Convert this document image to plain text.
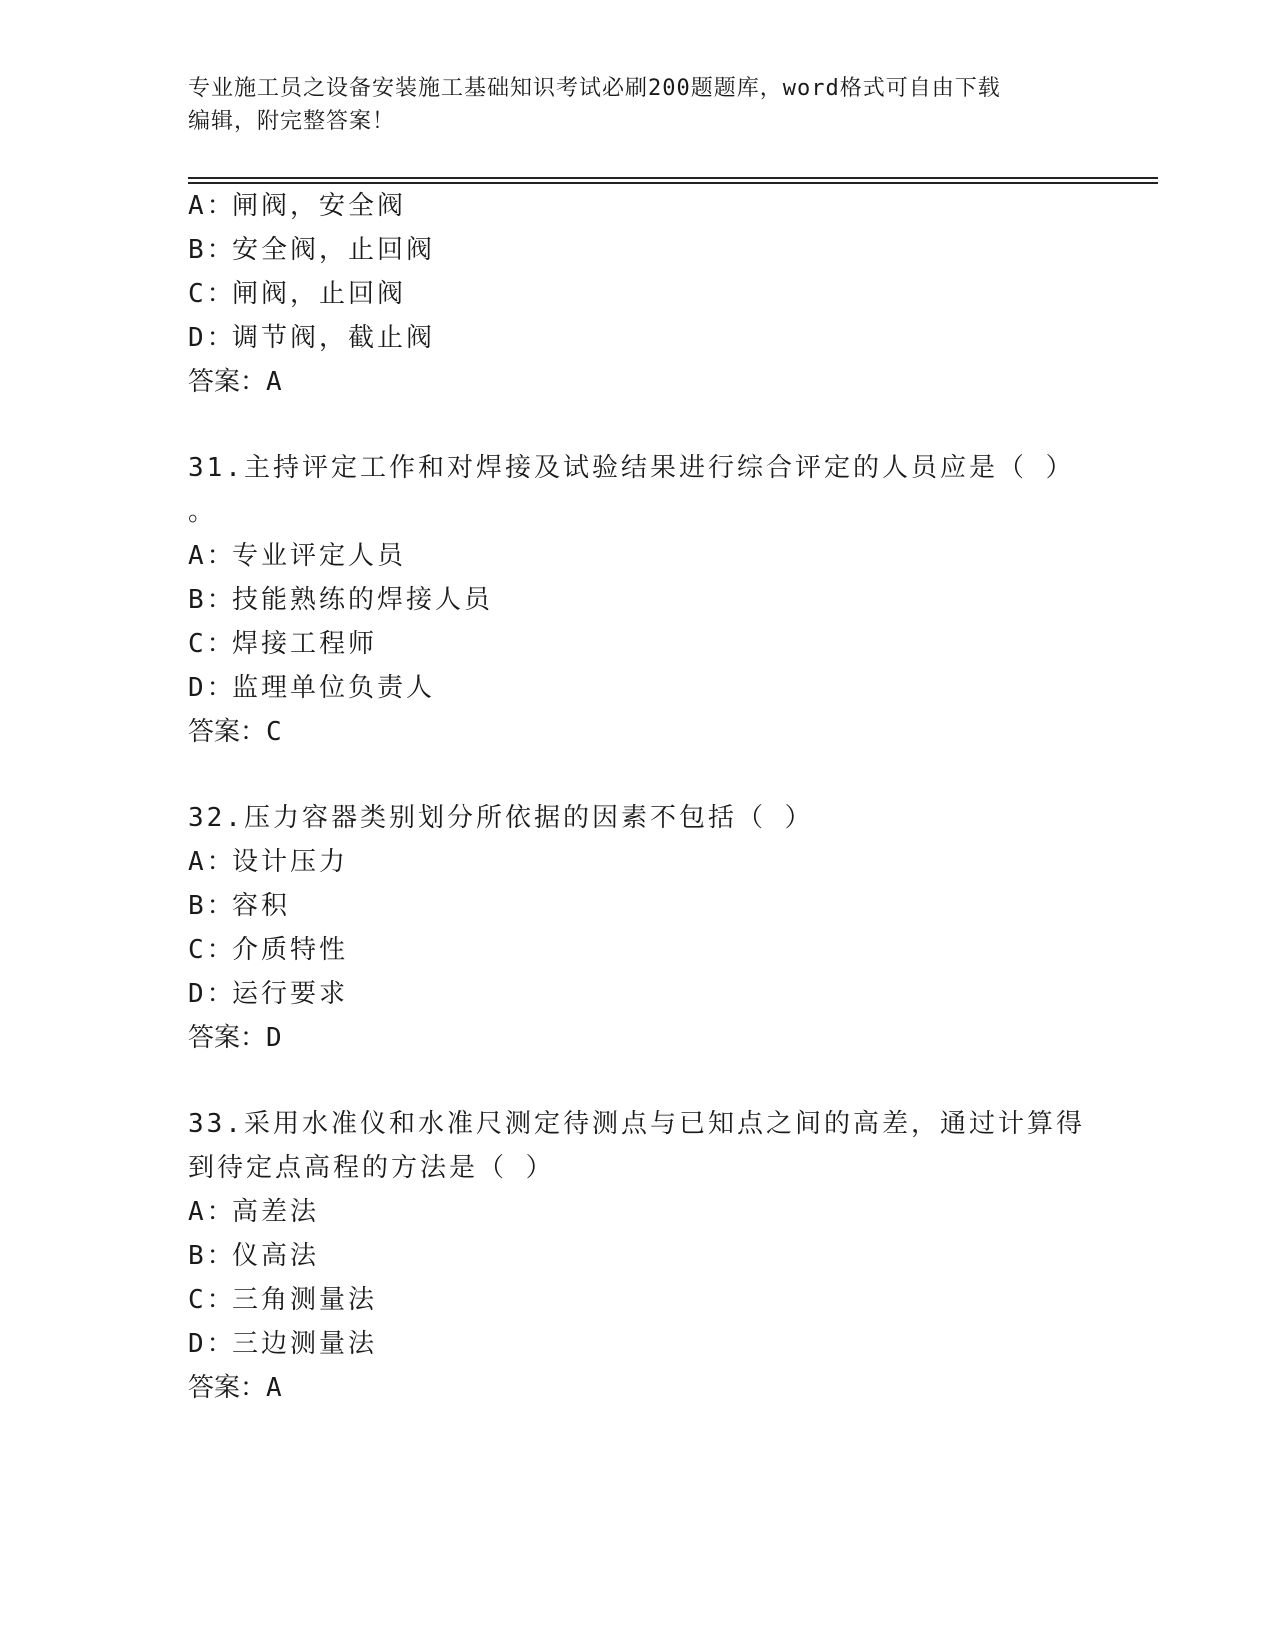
专业施工员之设备安装施工基础知识考试必刷200题题库，word格式可自由下载
编辑，附完整答案！
A：闸阀，安全阀
B：安全阀，止回阀
C：闸阀，止回阀
D：调节阀，截止阀
答案：A
31.主持评定工作和对焊接及试验结果进行综合评定的人员应是（ ）
。
A：专业评定人员
B：技能熟练的焊接人员
C：焊接工程师
D：监理单位负责人
答案：C
32.压力容器类别划分所依据的因素不包括（ ）
A：设计压力
B：容积
C：介质特性
D：运行要求
答案：D
33.采用水准仪和水准尺测定待测点与已知点之间的高差，通过计算得
到待定点高程的方法是（ ）
A：高差法
B：仪高法
C：三角测量法
D：三边测量法
答案：A
